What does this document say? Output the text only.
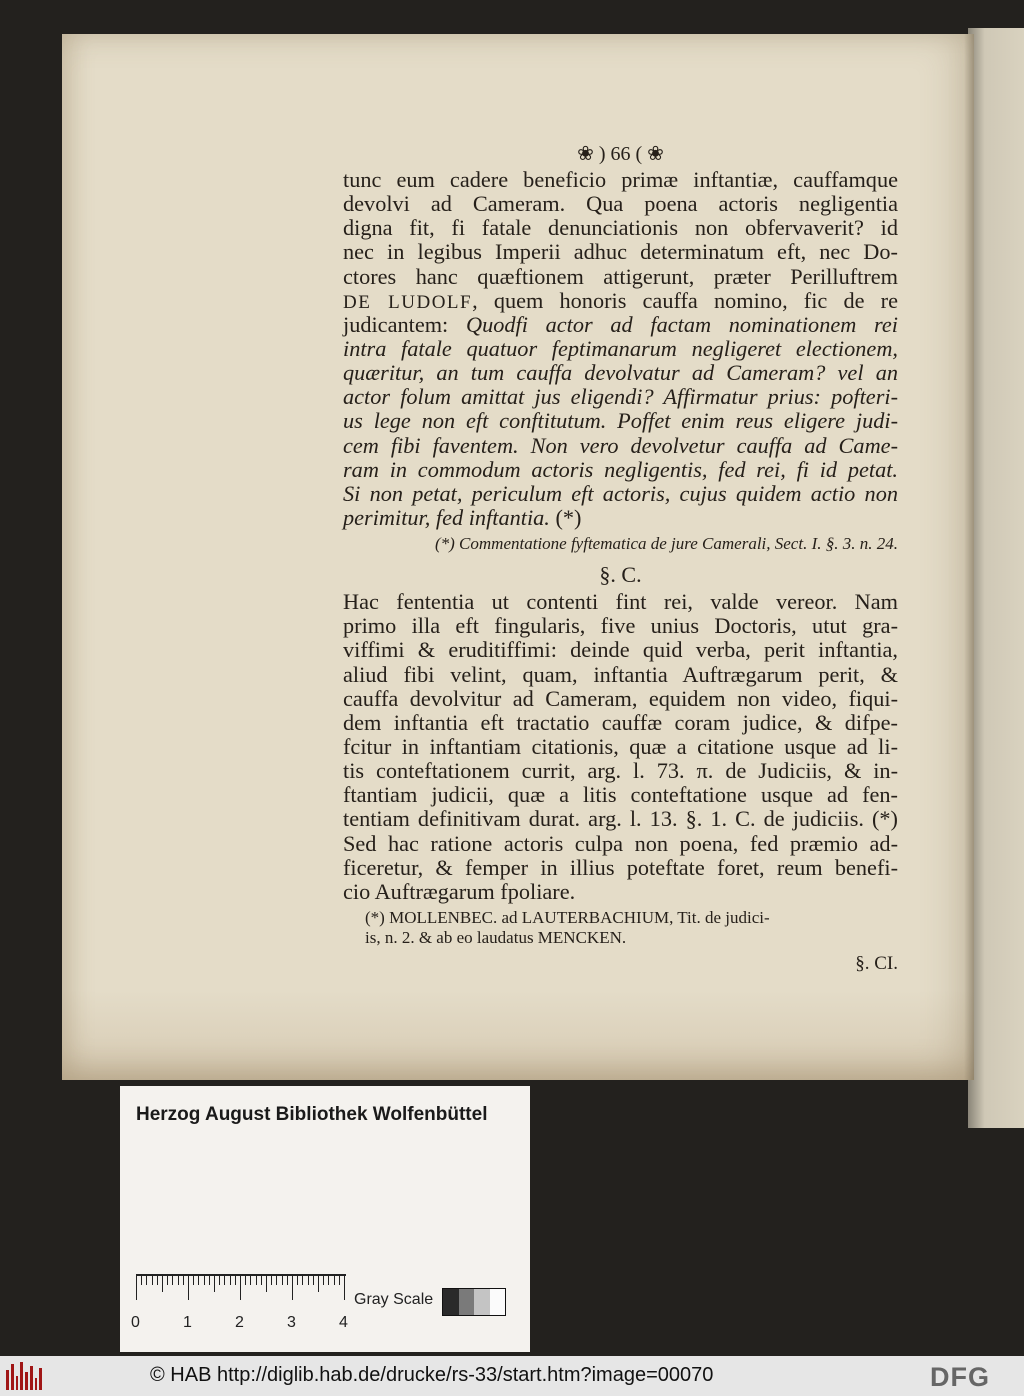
❀ ) 66 ( ❀
tunc eum cadere beneficio primæ inftantiæ, cauffamque
devolvi ad Cameram. Qua poena actoris negligentia
digna fit, fi fatale denunciationis non obfervaverit? id
nec in legibus Imperii adhuc determinatum eft, nec Do-
ctores hanc quæftionem attigerunt, præter Perilluftrem
DE LUDOLF, quem honoris cauffa nomino, fic de re
judicantem: Quodfi actor ad factam nominationem rei
intra fatale quatuor feptimanarum negligeret electionem,
quæritur, an tum cauffa devolvatur ad Cameram? vel an
actor folum amittat jus eligendi? Affirmatur prius: pofteri-
us lege non eft conftitutum. Poffet enim reus eligere judi-
cem fibi faventem. Non vero devolvetur cauffa ad Came-
ram in commodum actoris negligentis, fed rei, fi id petat.
Si non petat, periculum eft actoris, cujus quidem actio non
perimitur, fed inftantia. (*)
(*) Commentatione fyftematica de jure Camerali, Sect. I. §. 3. n. 24.
§. C.
Hac fententia ut contenti fint rei, valde vereor. Nam
primo illa eft fingularis, five unius Doctoris, utut gra-
viffimi & eruditiffimi: deinde quid verba, perit inftantia,
aliud fibi velint, quam, inftantia Auftrægarum perit, &
cauffa devolvitur ad Cameram, equidem non video, fiqui-
dem inftantia eft tractatio cauffæ coram judice, & difpe-
fcitur in inftantiam citationis, quæ a citatione usque ad li-
tis conteftationem currit, arg. l. 73. π. de Judiciis, & in-
ftantiam judicii, quæ a litis conteftatione usque ad fen-
tentiam definitivam durat. arg. l. 13. §. 1. C. de judiciis. (*)
Sed hac ratione actoris culpa non poena, fed præmio ad-
ficeretur, & femper in illius poteftate foret, reum benefi-
cio Auftrægarum fpoliare.
(*) MOLLENBEC. ad LAUTERBACHIUM, Tit. de judici-
is, n. 2. & ab eo laudatus MENCKEN.
§. CI.
Herzog August Bibliothek Wolfenbüttel
0	1	2	3	4
Gray Scale
© HAB http://diglib.hab.de/drucke/rs-33/start.htm?image=00070	DFG
